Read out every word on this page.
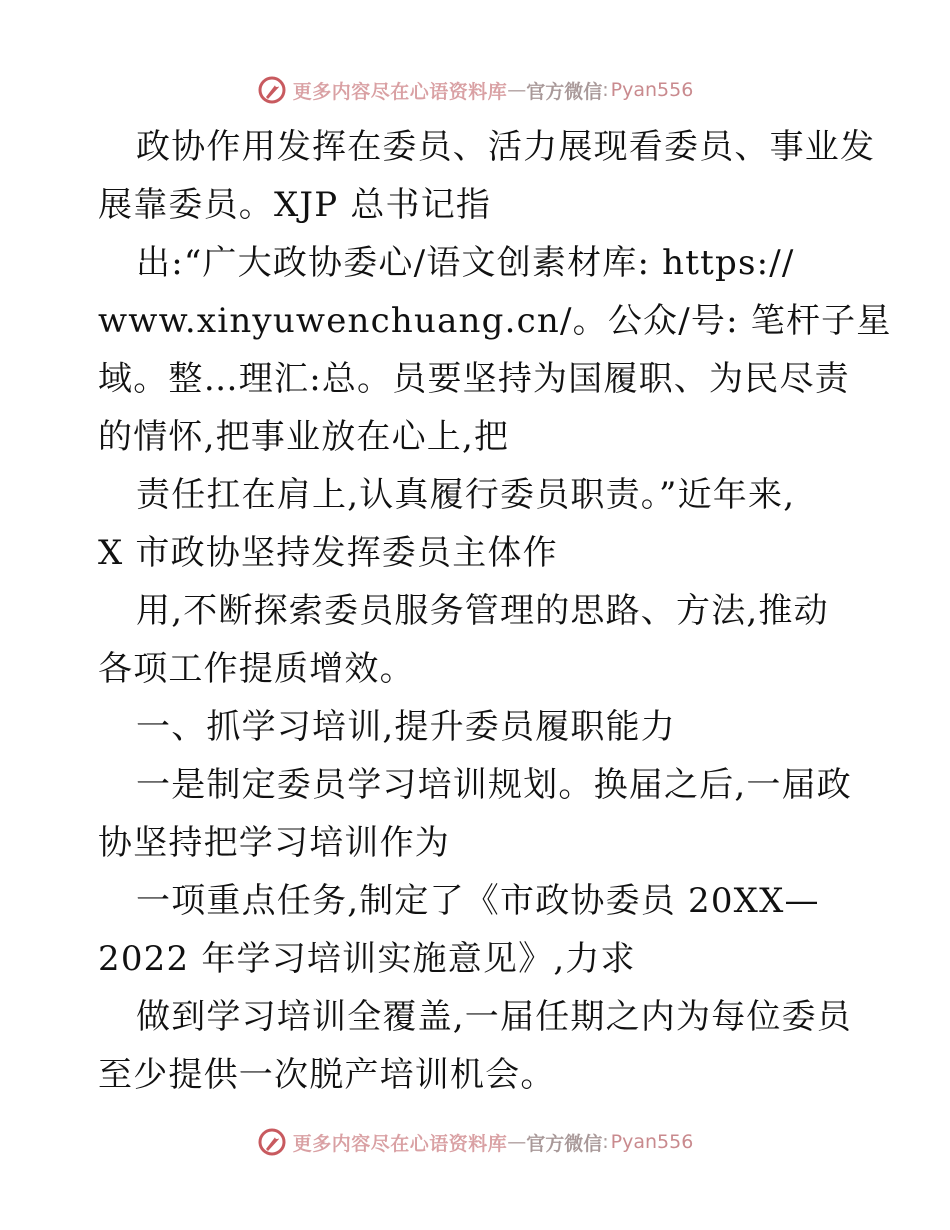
更多内容尽在心语资料库 — 官方微信 : Pyan556
政协作用发挥在委员、活力展现看委员、事业发
展靠委员。XJP 总书记指
出:“广大政协委心/语文创素材库: https://
www.xinyuwenchuang.cn/。公众/号: 笔杆子星
域。整…理汇:总。员要坚持为国履职、为民尽责
的情怀,把事业放在心上,把
责任扛在肩上,认真履行委员职责。”近年来,
X 市政协坚持发挥委员主体作
用,不断探索委员服务管理的思路、方法,推动
各项工作提质增效。
一、抓学习培训,提升委员履职能力
一是制定委员学习培训规划。换届之后,一届政
协坚持把学习培训作为
一项重点任务,制定了《市政协委员 20XX—
2022 年学习培训实施意见》,力求
做到学习培训全覆盖,一届任期之内为每位委员
至少提供一次脱产培训机会。
更多内容尽在心语资料库 — 官方微信 : Pyan556
